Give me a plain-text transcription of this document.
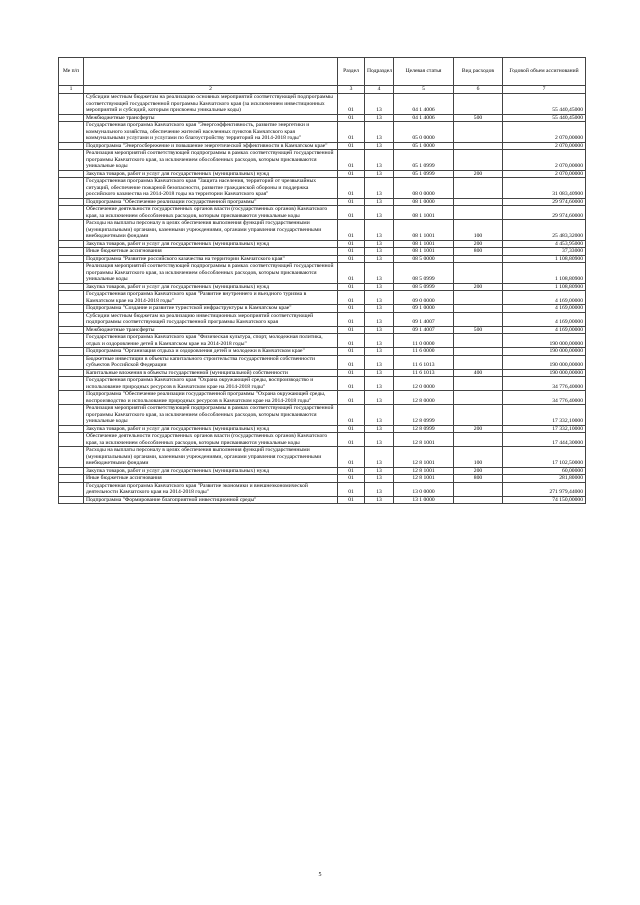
Ме п/п		Раздел	Подраздел	Целевая статья	Вид расходов	Годовой объем ассигнований
1	2	3	4	5	6	7
	Субсидии местным бюджетам на реализацию основных мероприятий соответствующей подпрограммы соответствующей государственной программы Камчатского края (за исключением инвестиционных мероприятий и субсидий, которым присвоены уникальные коды)	01	13	04 1 4006		55 440,45000
	Межбюджетные трансферты	01	13	04 1 4006	500	55 440,45000
	Государственная программа Камчатского края "Энергоэффективность, развитие энергетики и коммунального хозяйства, обеспечение жителей населенных пунктов Камчатского края коммунальными услугами и услугами по благоустройству территорий на 2014-2018 годы"	01	13	05 0 0000		2 070,00000
	Подпрограмма "Энергосбережение и повышение энергетической эффективности в Камчатском крае"	01	13	05 1 0000		2 070,00000
	Реализация мероприятий соответствующей подпрограммы в рамках соответствующей государственной программы Камчатского края, за исключением обособленных расходов, которым присваиваются уникальные коды	01	13	05 1 0999		2 070,00000
	Закупка товаров, работ и услуг для государственных (муниципальных) нужд	01	13	05 1 0999	200	2 070,00000
	Государственная программа Камчатского края "Защита населения, территорий от чрезвычайных ситуаций, обеспечение пожарной безопасности, развитие гражданской обороны и поддержка российского казачества на 2014-2018 годы на территории Камчатского края"	01	13	08 0 0000		31 083,40900
	Подпрограмма "Обеспечение реализации государственной программы"	01	13	08 1 0000		29 974,60000
	Обеспечение деятельности государственных органов власти (государственных органов) Камчатского края, за исключением обособленных расходов, которым присваиваются уникальные коды	01	13	08 1 1001		29 974,60000
	Расходы на выплаты персоналу в целях обеспечения выполнения функций государственными (муниципальными) органами, казенными учреждениями, органами управления государственными внебюджетными фондами	01	13	08 1 1001	100	25 483,32000
	Закупка товаров, работ и услуг для государственных (муниципальных) нужд	01	13	08 1 1001	200	4 453,95000
	Иные бюджетные ассигнования	01	13	08 1 1001	800	37,33000
	Подпрограмма "Развитие российского казачества на территории Камчатского края"	01	13	08 5 0000		1 108,80900
	Реализация мероприятий соответствующей подпрограммы в рамках соответствующей государственной программы Камчатского края, за исключением обособленных расходов, которым присваиваются уникальные коды	01	13	08 5 0999		1 108,80900
	Закупка товаров, работ и услуг для государственных (муниципальных) нужд	01	13	08 5 0999	200	1 108,80900
	Государственная программа Камчатского края "Развитие внутреннего и въездного туризма в Камчатском крае на 2014-2018 годы"	01	13	09 0 0000		4 169,00000
	Подпрограмма "Создание и развитие туристской инфраструктуры в Камчатском крае"	01	13	09 1 0000		4 169,00000
	Субсидии местным бюджетам на реализацию инвестиционных мероприятий соответствующей подпрограммы соответствующей государственной программы Камчатского края	01	13	09 1 4007		4 169,00000
	Межбюджетные трансферты	01	13	09 1 4007	500	4 169,00000
	Государственная программа Камчатского края "Физическая культура, спорт, молодежная политика, отдых и оздоровление детей в Камчатском крае на 2014-2018 годы"	01	13	11 0 0000		190 000,00000
	Подпрограмма "Организация отдыха и оздоровления детей и молодежи в Камчатском крае"	01	13	11 6 0000		190 000,00000
	Бюджетные инвестиции в объекты капитального строительства государственной собственности субъектов Российской Федерации	01	13	11 6 1013		190 000,00000
	Капитальные вложения в объекты государственной (муниципальной) собственности	01	13	11 6 1013	400	190 000,00000
	Государственная программа Камчатского края "Охрана окружающей среды, воспроизводство и использование природных ресурсов в Камчатском крае на 2014-2018 годы"	01	13	12 0 0000		34 776,40000
	Подпрограмма "Обеспечение реализации государственной программы "Охрана окружающей среды, воспроизводство и использование природных ресурсов в Камчатском крае на 2014-2018 годы"	01	13	12 8 0000		34 776,40000
	Реализация мероприятий соответствующей подпрограммы в рамках соответствующей государственной программы Камчатского края, за исключением обособленных расходов, которым присваиваются уникальные коды	01	13	12 8 0999		17 332,10000
	Закупка товаров, работ и услуг для государственных (муниципальных) нужд	01	13	12 8 0999	200	17 332,10000
	Обеспечение деятельности государственных органов власти (государственных органов) Камчатского края, за исключением обособленных расходов, которым присваиваются уникальные коды	01	13	12 8 1001		17 444,30000
	Расходы на выплаты персоналу в целях обеспечения выполнения функций государственными (муниципальными) органами, казенными учреждениями, органами управления государственными внебюджетными фондами	01	13	12 8 1001	100	17 102,50000
	Закупка товаров, работ и услуг для государственных (муниципальных) нужд	01	13	12 8 1001	200	60,00000
	Иные бюджетные ассигнования	01	13	12 8 1001	800	281,80000
	Государственная программа Камчатского края "Развитие экономики и внешнеэкономической деятельности Камчатского края на 2014-2018 годы"	01	13	13 0 0000		271 979,44000
	Подпрограмма "Формирование благоприятной инвестиционной среды"	01	13	13 1 0000		74 150,00000
5
